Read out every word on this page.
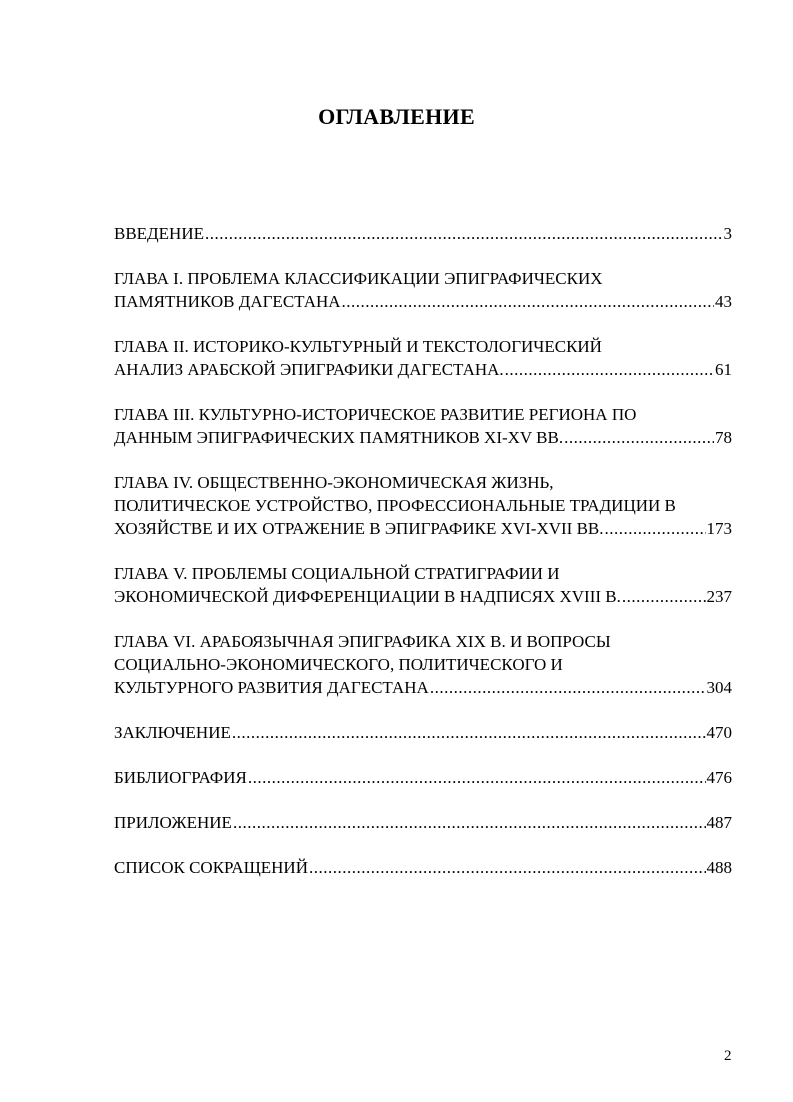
ОГЛАВЛЕНИЕ
ВВЕДЕНИЕ .....	3
ГЛАВА I. ПРОБЛЕМА КЛАССИФИКАЦИИ ЭПИГРАФИЧЕСКИХ
ПАМЯТНИКОВ ДАГЕСТАНА .....	43
ГЛАВА II. ИСТОРИКО-КУЛЬТУРНЫЙ И ТЕКСТОЛОГИЧЕСКИЙ
АНАЛИЗ АРАБСКОЙ ЭПИГРАФИКИ ДАГЕСТАНА. .....	61
ГЛАВА III. КУЛЬТУРНО-ИСТОРИЧЕСКОЕ РАЗВИТИЕ РЕГИОНА ПО
ДАННЫМ ЭПИГРАФИЧЕСКИХ ПАМЯТНИКОВ XI-XV ВВ. .....	78
ГЛАВА IV. ОБЩЕСТВЕННО-ЭКОНОМИЧЕСКАЯ ЖИЗНЬ,
ПОЛИТИЧЕСКОЕ УСТРОЙСТВО, ПРОФЕССИОНАЛЬНЫЕ ТРАДИЦИИ В
ХОЗЯЙСТВЕ И ИХ ОТРАЖЕНИЕ В ЭПИГРАФИКЕ XVI-XVII ВВ. .....	173
ГЛАВА V. ПРОБЛЕМЫ СОЦИАЛЬНОЙ СТРАТИГРАФИИ И
ЭКОНОМИЧЕСКОЙ ДИФФЕРЕНЦИАЦИИ В НАДПИСЯХ XVIII В. .....	237
ГЛАВА VI. АРАБОЯЗЫЧНАЯ ЭПИГРАФИКА XIX В. И ВОПРОСЫ
СОЦИАЛЬНО-ЭКОНОМИЧЕСКОГО, ПОЛИТИЧЕСКОГО И
КУЛЬТУРНОГО РАЗВИТИЯ ДАГЕСТАНА .....	304
ЗАКЛЮЧЕНИЕ .....	470
БИБЛИОГРАФИЯ .....	476
ПРИЛОЖЕНИЕ .....	487
СПИСОК СОКРАЩЕНИЙ .....	488
2
